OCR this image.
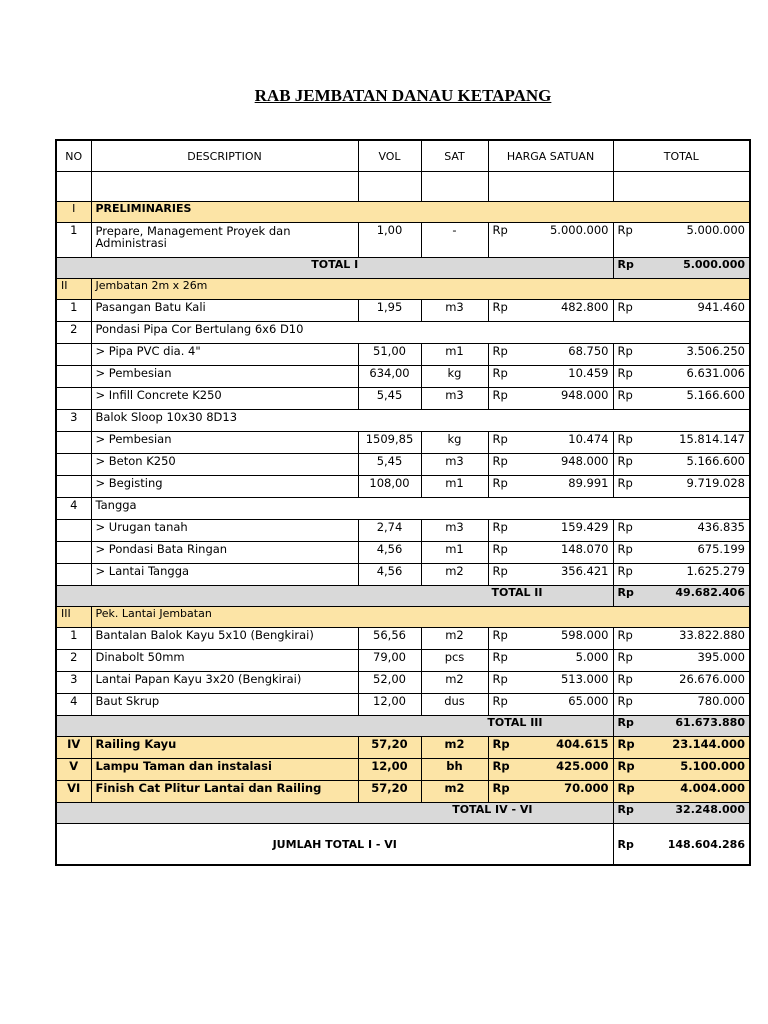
RAB JEMBATAN DANAU KETAPANG
NO	DESCRIPTION	VOL	SAT	HARGA SATUAN		TOTAL	

I	PRELIMINARIES						
1	Prepare, Management Proyek dan Administrasi	1,00	-	Rp	5.000.000	Rp	5.000.000
TOTAL I						Rp	5.000.000
II	Jembatan 2m x 26m						
1	Pasangan Batu Kali	1,95	m3	Rp	482.800	Rp	941.460
2	Pondasi Pipa Cor Bertulang 6x6 D10						
	> Pipa PVC dia. 4"	51,00	m1	Rp	68.750	Rp	3.506.250
	> Pembesian	634,00	kg	Rp	10.459	Rp	6.631.006
	> Infill Concrete K250	5,45	m3	Rp	948.000	Rp	5.166.600
3	Balok Sloop 10x30 8D13						
	> Pembesian	1509,85	kg	Rp	10.474	Rp	15.814.147
	> Beton K250	5,45	m3	Rp	948.000	Rp	5.166.600
	> Begisting	108,00	m1	Rp	89.991	Rp	9.719.028
4	Tangga						
	> Urugan tanah	2,74	m3	Rp	159.429	Rp	436.835
	> Pondasi Bata Ringan	4,56	m1	Rp	148.070	Rp	675.199
	> Lantai Tangga	4,56	m2	Rp	356.421	Rp	1.625.279
TOTAL II						Rp	49.682.406
III	Pek. Lantai Jembatan						
1	Bantalan Balok Kayu 5x10 (Bengkirai)	56,56	m2	Rp	598.000	Rp	33.822.880
2	Dinabolt 50mm	79,00	pcs	Rp	5.000	Rp	395.000
3	Lantai Papan Kayu 3x20 (Bengkirai)	52,00	m2	Rp	513.000	Rp	26.676.000
4	Baut Skrup	12,00	dus	Rp	65.000	Rp	780.000
TOTAL III						Rp	61.673.880
IV	Railing Kayu	57,20	m2	Rp	404.615	Rp	23.144.000
V	Lampu Taman dan instalasi	12,00	bh	Rp	425.000	Rp	5.100.000
VI	Finish Cat Plitur Lantai dan Railing	57,20	m2	Rp	70.000	Rp	4.004.000
TOTAL IV - VI						Rp	32.248.000
JUMLAH TOTAL I - VI						Rp	148.604.286
